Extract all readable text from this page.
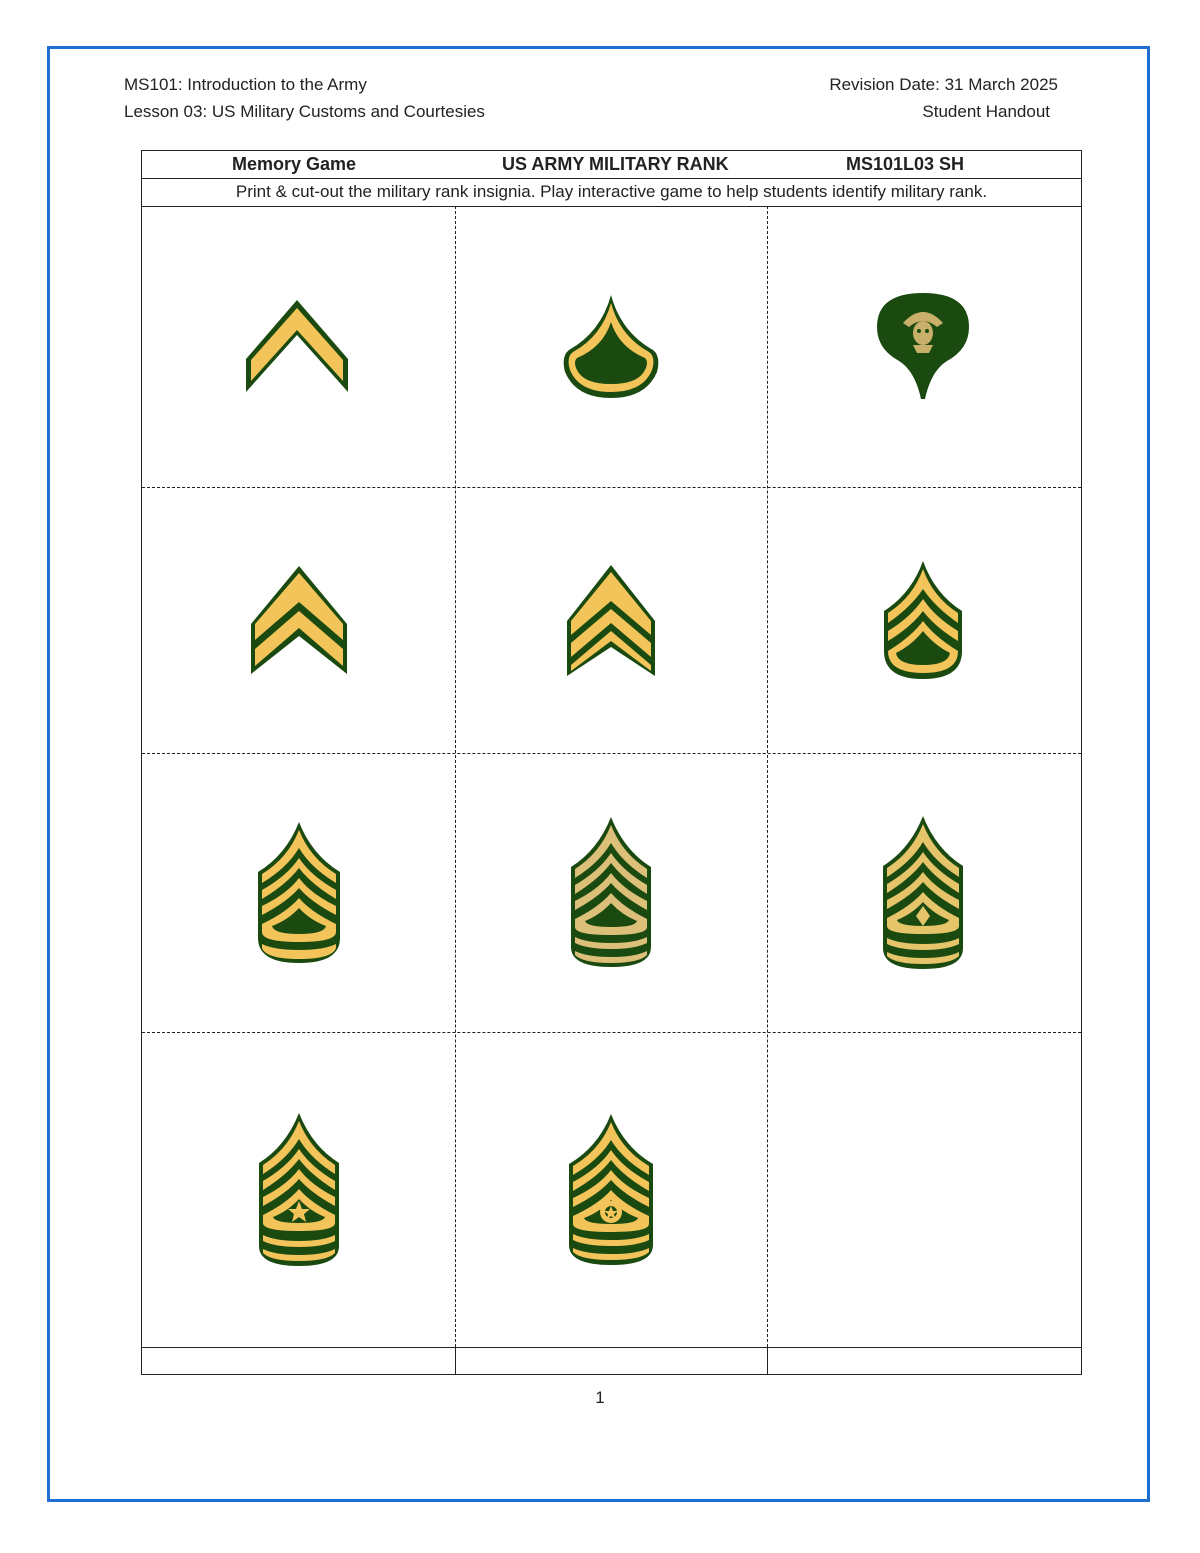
MS101: Introduction to the Army
Lesson 03: US Military Customs and Courtesies
Revision Date: 31 March 2025
Student Handout
Memory Game	US ARMY MILITARY RANK	MS101L03 SH
Print & cut-out the military rank insignia. Play interactive game to help students identify military rank.
1
